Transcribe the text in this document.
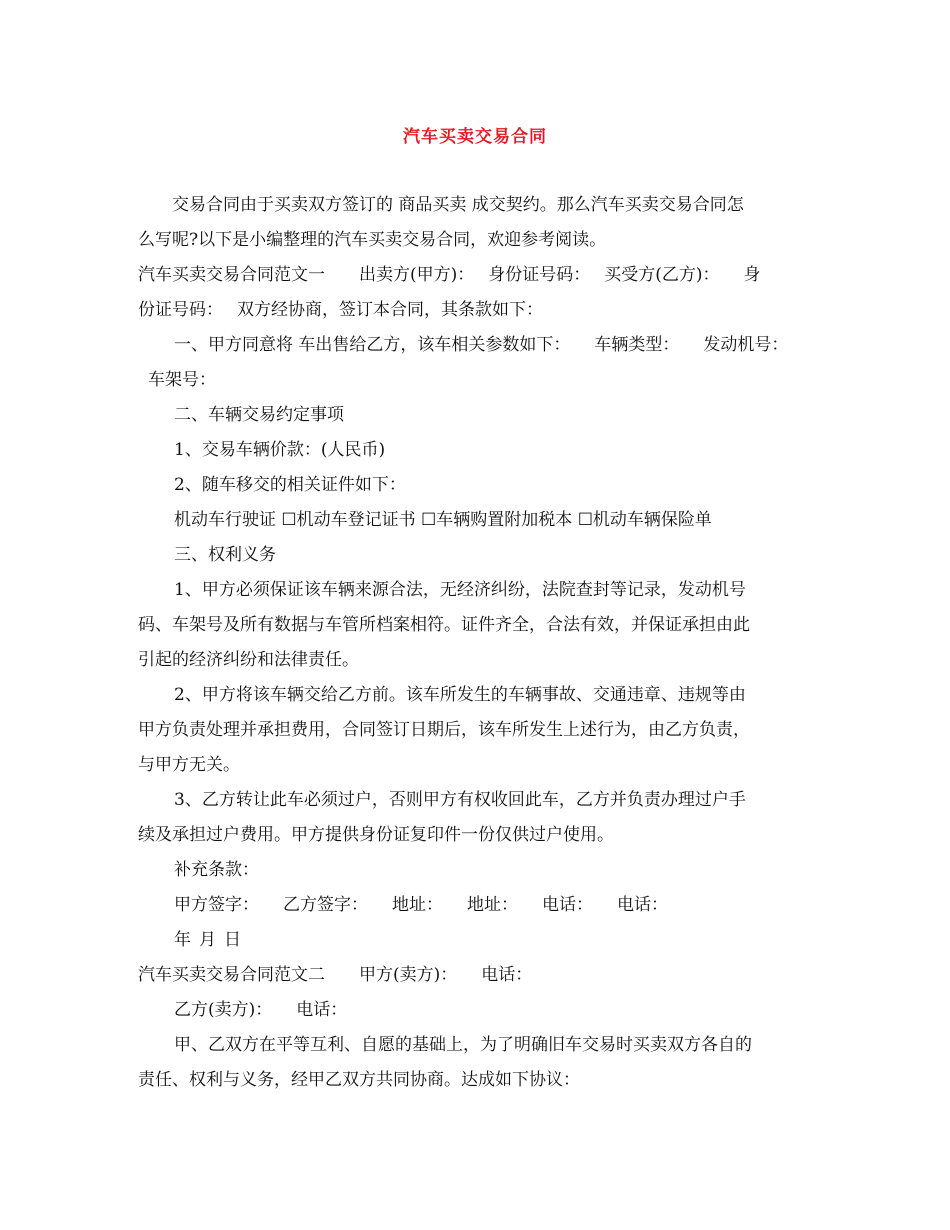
汽车买卖交易合同

交易合同由于买卖双方签订的 商品买卖 成交契约。那么汽车买卖交易合同怎

么写呢?以下是小编整理的汽车买卖交易合同，欢迎参考阅读。

汽车买卖交易合同范文一 出卖方(甲方)： 身份证号码： 买受方(乙方)： 身

份证号码： 双方经协商，签订本合同，其条款如下：

一、甲方同意将 车出售给乙方，该车相关参数如下： 车辆类型： 发动机号：

车架号：

二、车辆交易约定事项

1、交易车辆价款：(人民币)

2、随车移交的相关证件如下：

机动车行驶证 ☐机动车登记证书 ☐车辆购置附加税本 ☐机动车辆保险单

三、权利义务

1、甲方必须保证该车辆来源合法，无经济纠纷，法院查封等记录，发动机号

码、车架号及所有数据与车管所档案相符。证件齐全，合法有效，并保证承担由此

引起的经济纠纷和法律责任。

2、甲方将该车辆交给乙方前。该车所发生的车辆事故、交通违章、违规等由

甲方负责处理并承担费用，合同签订日期后，该车所发生上述行为，由乙方负责，

与甲方无关。

3、乙方转让此车必须过户，否则甲方有权收回此车，乙方并负责办理过户手

续及承担过户费用。甲方提供身份证复印件一份仅供过户使用。

补充条款：

甲方签字： 乙方签字： 地址： 地址： 电话： 电话：

年 月 日

汽车买卖交易合同范文二 甲方(卖方)： 电话：

乙方(卖方)： 电话：

甲、乙双方在平等互利、自愿的基础上，为了明确旧车交易时买卖双方各自的

责任、权利与义务，经甲乙双方共同协商。达成如下协议：
